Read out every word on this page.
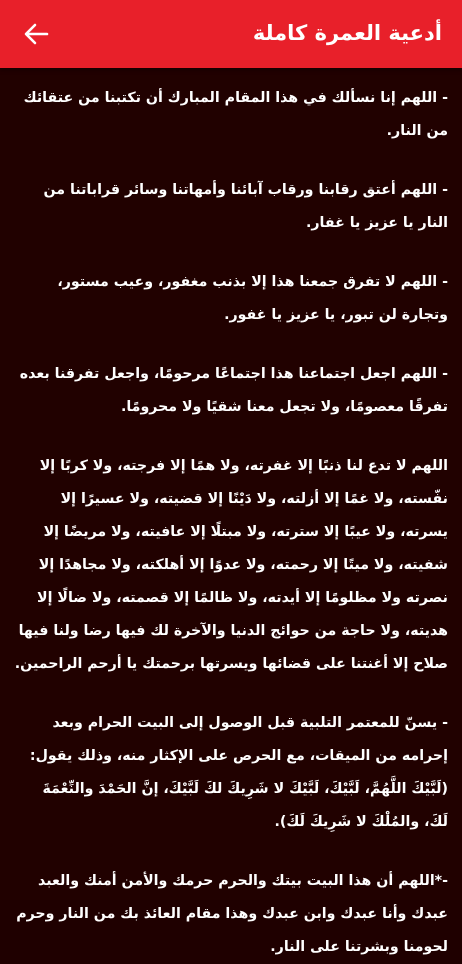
أدعية العمرة كاملة

- اللهم إنا نسألك في هذا المقام المبارك أن تكتبنا من عتقائك من النار.

- اللهم أعتق رقابنا ورقاب آبائنا وأمهاتنا وسائر قراباتنا من النار يا عزيز يا غفار.

- اللهم لا تفرق جمعنا هذا إلا بذنب مغفور، وعيب مستور، وتجارة لن تبور، يا عزيز يا غفور.

- اللهم اجعل اجتماعنا هذا اجتماعًا مرحومًا، واجعل تفرقنا بعده تفرقًا معصومًا، ولا تجعل معنا شقيًا ولا محرومًا.

اللهم لا تدع لنا ذنبًا إلا غفرته، ولا همًا إلا فرجته، ولا كربًا إلا نفّسته، ولا غمًا إلا أزلته، ولا دَيْنًا إلا قضيته، ولا عسيرًا إلا يسرته، ولا عيبًا إلا سترته، ولا مبتلًا إلا عافيته، ولا مريضًا إلا شفيته، ولا ميتًا إلا رحمته، ولا عدوًا إلا أهلكته، ولا مجاهدًا إلا نصرته ولا مظلومًا إلا أيدته، ولا ظالمًا إلا قصمته، ولا ضالًا إلا هديته، ولا حاجة من حوائج الدنيا والآخرة لك فيها رضا ولنا فيها صلاح إلا أغنتنا على قضائها ويسرتها برحمتك يا أرحم الراحمين.

- يسنّ للمعتمر التلبية قبل الوصول إلى البيت الحرام وبعد إحرامه من الميقات، مع الحرص على الإكثار منه، وذلك يقول: (لَبَّيْكَ اللَّهُمَّ، لَبَّيْكَ، لَبَّيْكَ لا شَرِيكَ لكَ لَبَّيْكَ، إنَّ الحَمْدَ والنِّعْمَةَ لَكَ، والمُلْكَ لا شَرِيكَ لَكَ).

-*اللهم أن هذا البيت بيتك والحرم حرمك والأمن أمنك والعبد عبدك وأنا عبدك وابن عبدك وهذا مقام العائذ بك من النار وحرم لحومنا وبشرتنا على النار.
